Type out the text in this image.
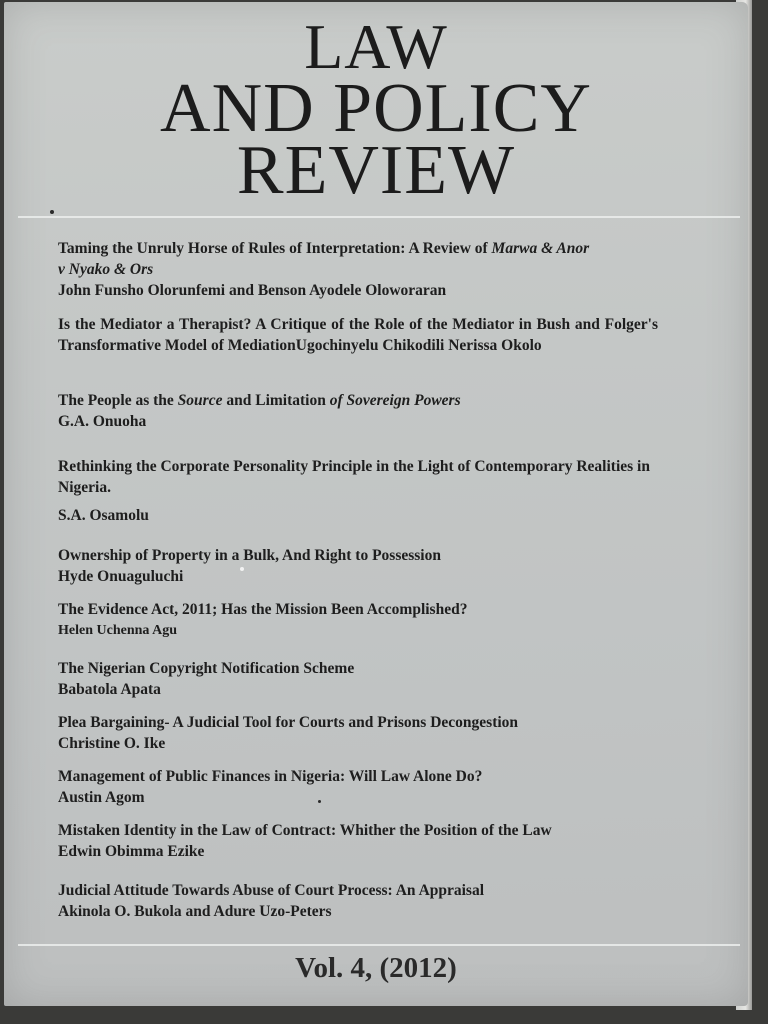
LAW
AND POLICY
REVIEW
Taming the Unruly Horse of Rules of Interpretation: A Review of Marwa & Anor
v Nyako & Ors
John Funsho Olorunfemi and Benson Ayodele Oloworaran
Is the Mediator a Therapist? A Critique of the Role of the Mediator in Bush and Folger's Transformative Model of MediationUgochinyelu Chikodili Nerissa Okolo
The People as the Source and Limitation of Sovereign Powers
G.A. Onuoha
Rethinking the Corporate Personality Principle in the Light of Contemporary Realities in Nigeria.
S.A. Osamolu
Ownership of Property in a Bulk, And Right to Possession
Hyde Onuaguluchi
The Evidence Act, 2011; Has the Mission Been Accomplished?
Helen Uchenna Agu
The Nigerian Copyright Notification Scheme
Babatola Apata
Plea Bargaining- A Judicial Tool for Courts and Prisons Decongestion
Christine O. Ike
Management of Public Finances in Nigeria: Will Law Alone Do?
Austin Agom
Mistaken Identity in the Law of Contract: Whither the Position of the Law
Edwin Obimma Ezike
Judicial Attitude Towards Abuse of Court Process: An Appraisal
Akinola O. Bukola and Adure Uzo-Peters
Vol. 4, (2012)
